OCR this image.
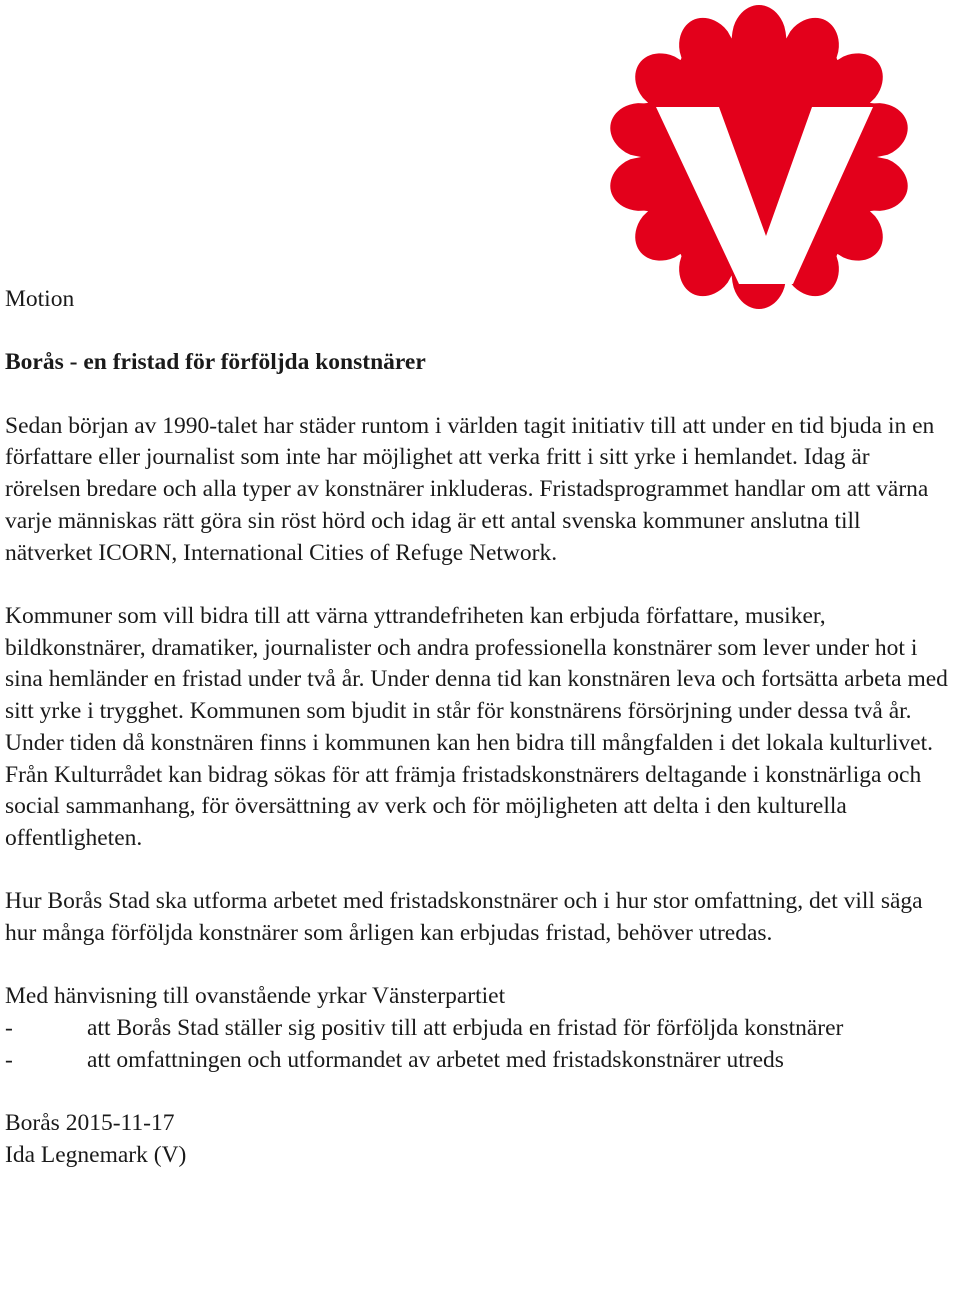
Motion

Borås - en fristad för förföljda konstnärer

Sedan början av 1990-talet har städer runtom i världen tagit initiativ till att under en tid bjuda in en författare eller journalist som inte har möjlighet att verka fritt i sitt yrke i hemlandet. Idag är rörelsen bredare och alla typer av konstnärer inkluderas. Fristadsprogrammet handlar om att värna varje människas rätt göra sin röst hörd och idag är ett antal svenska kommuner anslutna till nätverket ICORN, International Cities of Refuge Network.

Kommuner som vill bidra till att värna yttrandefriheten kan erbjuda författare, musiker, bildkonstnärer, dramatiker, journalister och andra professionella konstnärer som lever under hot i sina hemländer en fristad under två år. Under denna tid kan konstnären leva och fortsätta arbeta med sitt yrke i trygghet. Kommunen som bjudit in står för konstnärens försörjning under dessa två år. Under tiden då konstnären finns i kommunen kan hen bidra till mångfalden i det lokala kulturlivet. Från Kulturrådet kan bidrag sökas för att främja fristadskonstnärers deltagande i konstnärliga och social sammanhang, för översättning av verk och för möjligheten att delta i den kulturella offentligheten.

Hur Borås Stad ska utforma arbetet med fristadskonstnärer och i hur stor omfattning, det vill säga hur många förföljda konstnärer som årligen kan erbjudas fristad, behöver utredas.

Med hänvisning till ovanstående yrkar Vänsterpartiet

-	att Borås Stad ställer sig positiv till att erbjuda en fristad för förföljda konstnärer
-	att omfattningen och utformandet av arbetet med fristadskonstnärer utreds

Borås 2015-11-17

Ida Legnemark (V)
